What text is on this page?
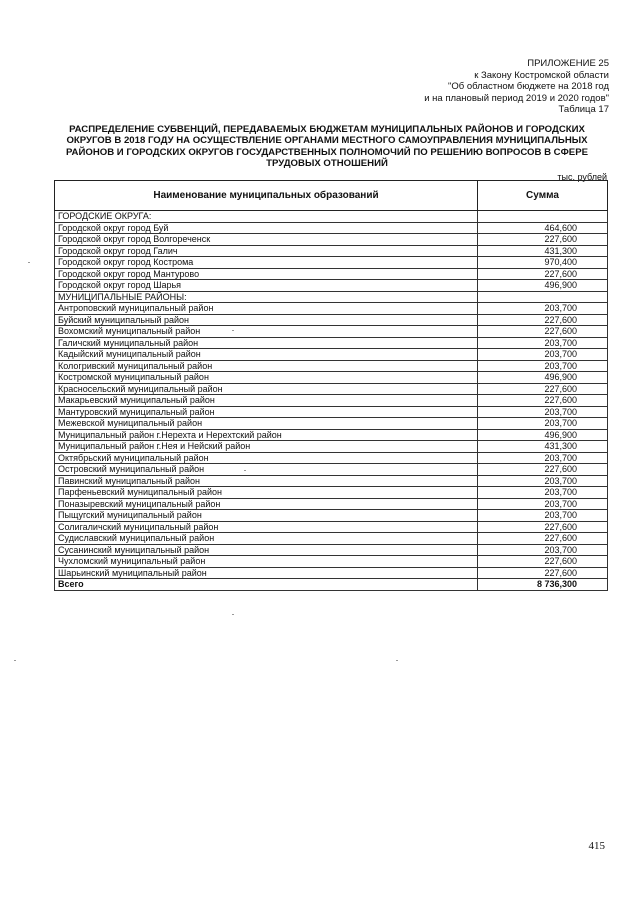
ПРИЛОЖЕНИЕ 25
к Закону Костромской области
"Об областном бюджете на 2018 год
и на плановый период 2019 и 2020 годов"
Таблица 17
РАСПРЕДЕЛЕНИЕ СУБВЕНЦИЙ, ПЕРЕДАВАЕМЫХ БЮДЖЕТАМ МУНИЦИПАЛЬНЫХ РАЙОНОВ И ГОРОДСКИХ
ОКРУГОВ В 2018 ГОДУ НА ОСУЩЕСТВЛЕНИЕ ОРГАНАМИ МЕСТНОГО САМОУПРАВЛЕНИЯ МУНИЦИПАЛЬНЫХ
РАЙОНОВ И ГОРОДСКИХ ОКРУГОВ ГОСУДАРСТВЕННЫХ ПОЛНОМОЧИЙ ПО РЕШЕНИЮ ВОПРОСОВ В СФЕРЕ
ТРУДОВЫХ ОТНОШЕНИЙ
тыс. рублей
Наименование муниципальных образований	Сумма
ГОРОДСКИЕ ОКРУГА:	
Городской округ город Буй	464,600
Городской округ город Волгореченск	227,600
Городской округ город Галич	431,300
Городской округ город Кострома	970,400
Городской округ город Мантурово	227,600
Городской округ город Шарья	496,900
МУНИЦИПАЛЬНЫЕ РАЙОНЫ:	
Антроповский муниципальный район	203,700
Буйский муниципальный район	227,600
Вохомский муниципальный район	227,600
Галичский муниципальный район	203,700
Кадыйский муниципальный район	203,700
Кологривский муниципальный район	203,700
Костромской муниципальный район	496,900
Красносельский муниципальный район	227,600
Макарьевский муниципальный район	227,600
Мантуровский муниципальный район	203,700
Межевской муниципальный район	203,700
Муниципальный район г.Нерехта и Нерехтский район	496,900
Муниципальный район г.Нея и Нейский район	431,300
Октябрьский муниципальный район	203,700
Островский муниципальный район	227,600
Павинский муниципальный район	203,700
Парфеньевский муниципальный район	203,700
Поназыревский муниципальный район	203,700
Пыщугский муниципальный район	203,700
Солигаличский муниципальный район	227,600
Судиславский муниципальный район	227,600
Сусанинский муниципальный район	203,700
Чухломский муниципальный район	227,600
Шарьинский муниципальный район	227,600
Всего	8 736,300
415
